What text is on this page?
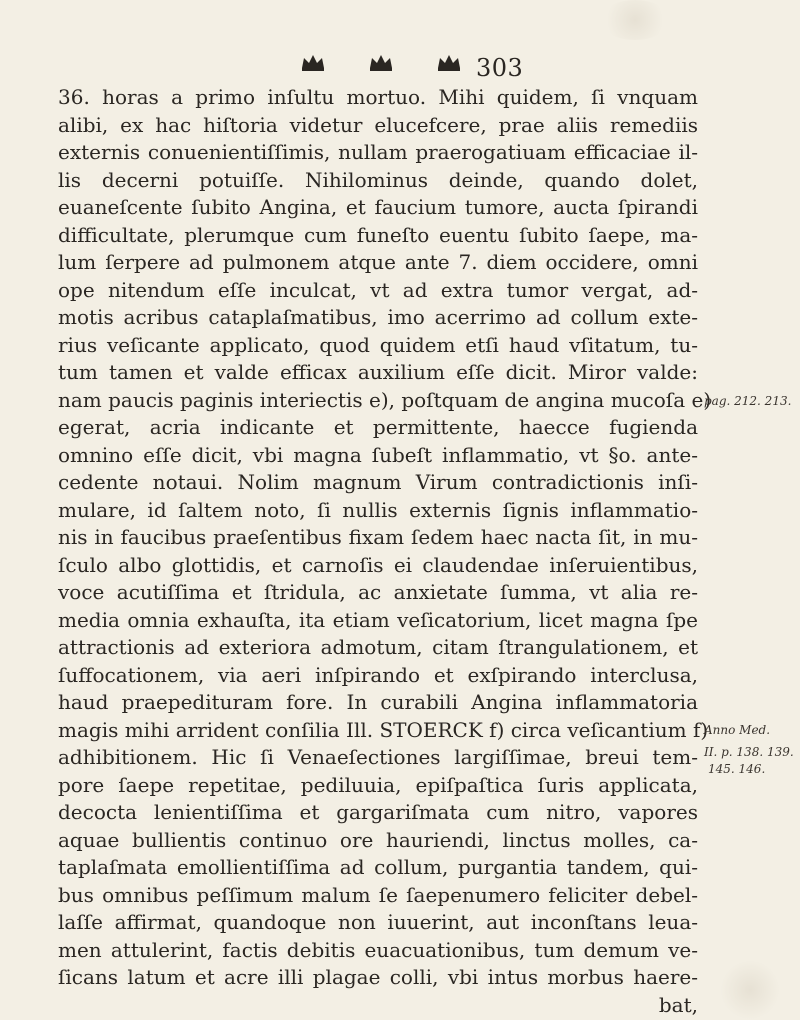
303
36. horas a primo inſultu mortuo. Mihi quidem, ſi vnquam
alibi, ex hac hiſtoria videtur elucefcere, prae aliis remediis
externis conuenientiſſimis, nullam praerogatiuam efficaciae il-
lis decerni potuiſſe. Nihilominus deinde, quando dolet,
euaneſcente ſubito Angina, et faucium tumore, aucta ſpirandi
difficultate, plerumque cum funeſto euentu ſubito ſaepe, ma-
lum ſerpere ad pulmonem atque ante 7. diem occidere, omni
ope nitendum eſſe inculcat, vt ad extra tumor vergat, ad-
motis acribus cataplaſmatibus, imo acerrimo ad collum exte-
rius veſicante applicato, quod quidem etſi haud vſitatum, tu-
tum tamen et valde efficax auxilium eſſe dicit. Miror valde:
nam paucis paginis interiectis e), poſtquam de angina mucoſa e)
egerat, acria indicante et permittente, haecce fugienda
omnino eſſe dicit, vbi magna ſubeſt inflammatio, vt §o. ante-
cedente notaui. Nolim magnum Virum contradictionis inſi-
mulare, id ſaltem noto, ſi nullis externis ſignis inflammatio-
nis in faucibus praeſentibus fixam ſedem haec nacta ſit, in mu-
ſculo albo glottidis, et carnoſis ei claudendae inſeruientibus,
voce acutiſſima et ſtridula, ac anxietate ſumma, vt alia re-
media omnia exhauſta, ita etiam veſicatorium, licet magna ſpe
attractionis ad exteriora admotum, citam ſtrangulationem, et
ſuffocationem, via aeri inſpirando et exſpirando interclusa,
haud praepedituram fore. In curabili Angina inflammatoria
magis mihi arrident conſilia Ill. STOERCK f) circa veſicantium f)
adhibitionem. Hic ſi Venaeſectiones largiſſimae, breui tem-
pore ſaepe repetitae, pediluuia, epiſpaſtica ſuris applicata,
decocta lenientiſſima et gargariſmata cum nitro, vapores
aquae bullientis continuo ore hauriendi, linctus molles, ca-
taplaſmata emollientiſſima ad collum, purgantia tandem, qui-
bus omnibus peſſimum malum ſe ſaepenumero feliciter debel-
laſſe affirmat, quandoque non iuuerint, aut inconſtans leua-
men attulerint, factis debitis euacuationibus, tum demum ve-
ſicans latum et acre illi plagae colli, vbi intus morbus haere-
bat,
pag. 212. 213.
Anno Med.
II. p. 138. 139.
145. 146.
